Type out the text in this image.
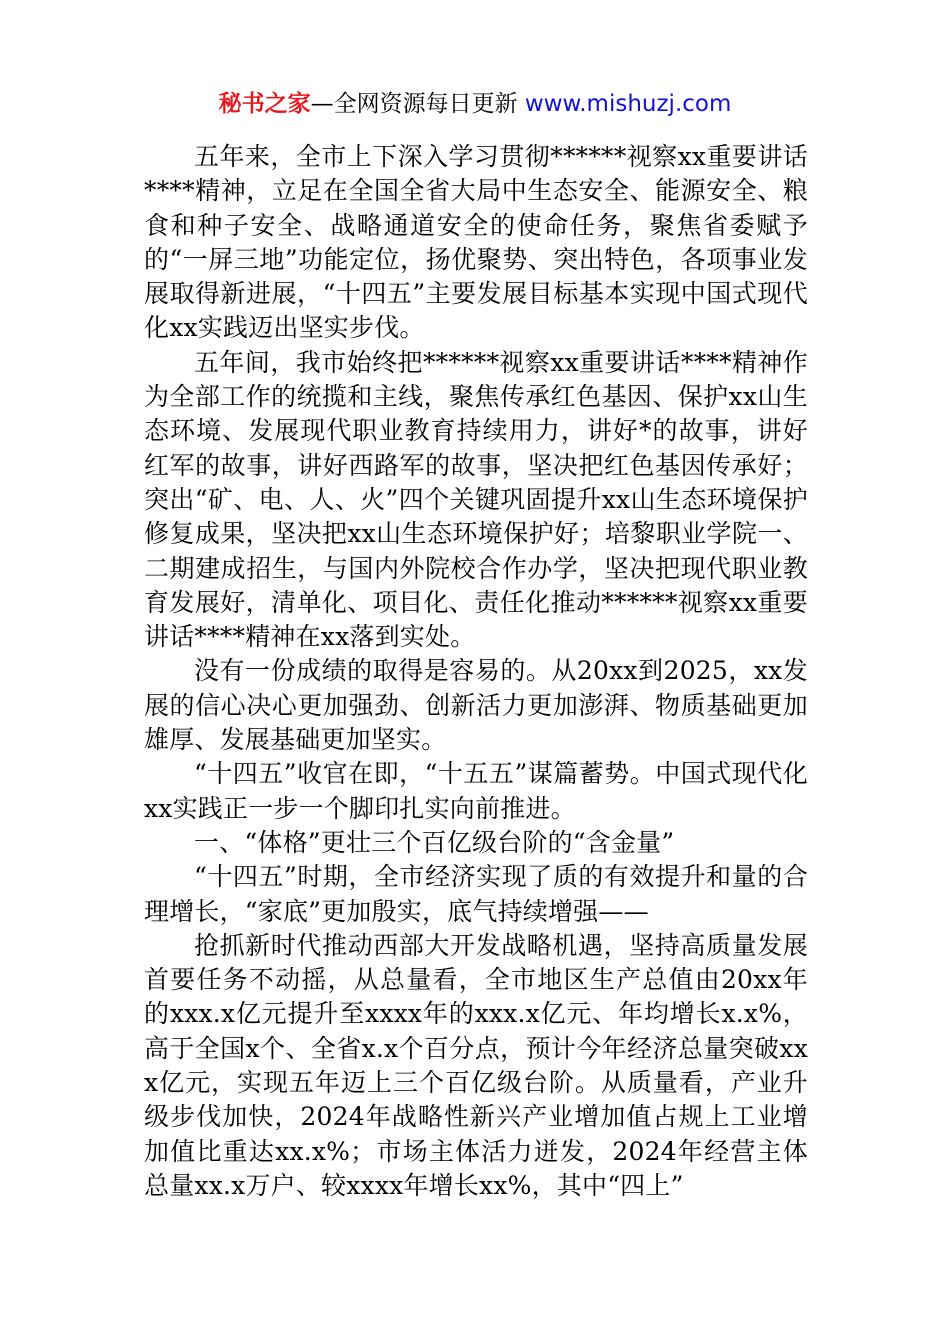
秘书之家—全网资源每日更新 www.mishuzj.com

五年来，全市上下深入学习贯彻******视察xx重要讲话****精神，立足在全国全省大局中生态安全、能源安全、粮食和种子安全、战略通道安全的使命任务，聚焦省委赋予的“一屏三地”功能定位，扬优聚势、突出特色，各项事业发展取得新进展，“十四五”主要发展目标基本实现中国式现代化xx实践迈出坚实步伐。

五年间，我市始终把******视察xx重要讲话****精神作为全部工作的统揽和主线，聚焦传承红色基因、保护xx山生态环境、发展现代职业教育持续用力，讲好*的故事，讲好红军的故事，讲好西路军的故事，坚决把红色基因传承好；突出“矿、电、人、火”四个关键巩固提升xx山生态环境保护修复成果，坚决把xx山生态环境保护好；培黎职业学院一、二期建成招生，与国内外院校合作办学，坚决把现代职业教育发展好，清单化、项目化、责任化推动******视察xx重要讲话****精神在xx落到实处。

没有一份成绩的取得是容易的。从20xx到2025，xx发展的信心决心更加强劲、创新活力更加澎湃、物质基础更加雄厚、发展基础更加坚实。

“十四五”收官在即，“十五五”谋篇蓄势。中国式现代化xx实践正一步一个脚印扎实向前推进。

一、“体格”更壮三个百亿级台阶的“含金量”

“十四五”时期，全市经济实现了质的有效提升和量的合理增长，“家底”更加殷实，底气持续增强——

抢抓新时代推动西部大开发战略机遇，坚持高质量发展首要任务不动摇，从总量看，全市地区生产总值由20xx年的xxx.x亿元提升至xxxx年的xxx.x亿元、年均增长x.x%，高于全国x个、全省x.x个百分点，预计今年经济总量突破xxx亿元，实现五年迈上三个百亿级台阶。从质量看，产业升级步伐加快，2024年战略性新兴产业增加值占规上工业增加值比重达xx.x%；市场主体活力迸发，2024年经营主体总量xx.x万户、较xxxx年增长xx%，其中“四上”
